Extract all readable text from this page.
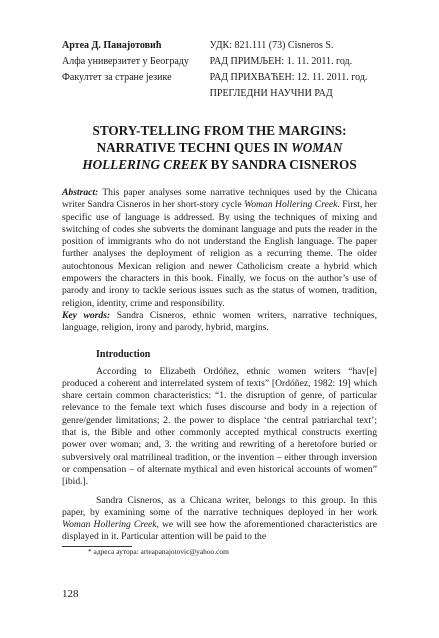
Артеа Д. Панајотовић
Алфа универзитет у Београду
Факултет за стране језике
УДК: 821.111 (73) Cisneros S.
РАД ПРИМЉЕН: 1. 11. 2011. год.
РАД ПРИХВАЋЕН: 12. 11. 2011. год.
ПРЕГЛЕДНИ НАУЧНИ РАД
STORY-TELLING FROM THE MARGINS:
NARRATIVE TECHNI QUES IN WOMAN
HOLLERING CREEK BY SANDRA CISNEROS
Abstract: This paper analyses some narrative techniques used by the Chicana writer Sandra Cisneros in her short-story cycle Woman Hollering Creek. First, her specific use of language is addressed. By using the techniques of mixing and switching of codes she subverts the dominant language and puts the reader in the position of immigrants who do not understand the English language. The paper further analyses the deployment of religion as a recurring theme. The older autochtonous Mexican religion and newer Catholicism create a hybrid which empowers the characters in this book. Finally, we focus on the author’s use of parody and irony to tackle serious issues such as the status of women, tradition, religion, identity, crime and responsibility.
Key words: Sandra Cisneros, ethnic women writers, narrative techniques, language, religion, irony and parody, hybrid, margins.
Introduction

According to Elizabeth Ordóñez, ethnic women writers “hav[e] produced a coherent and interrelated system of texts” [Ordóñez, 1982: 19] which share certain common characteristics: “1. the disruption of genre, of particular relevance to the female text which fuses discourse and body in a rejection of genre/gender limitations; 2. the power to displace ‘the central patriarchal text’; that is, the Bible and other commonly accepted mythical constructs exerting power over woman; and, 3. the writing and rewriting of a heretofore buried or subversively oral matrilineal tradition, or the invention – either through inversion or compensation – of alternate mythical and even historical accounts of women” [ibid.].

Sandra Cisneros, as a Chicana writer, belongs to this group. In this paper, by examining some of the narrative techniques deployed in her work Woman Hollering Creek, we will see how the aforementioned characteristics are displayed in it. Particular attention will be paid to the

* адреса аутора: arteapanajotovic@yahoo.com
128
